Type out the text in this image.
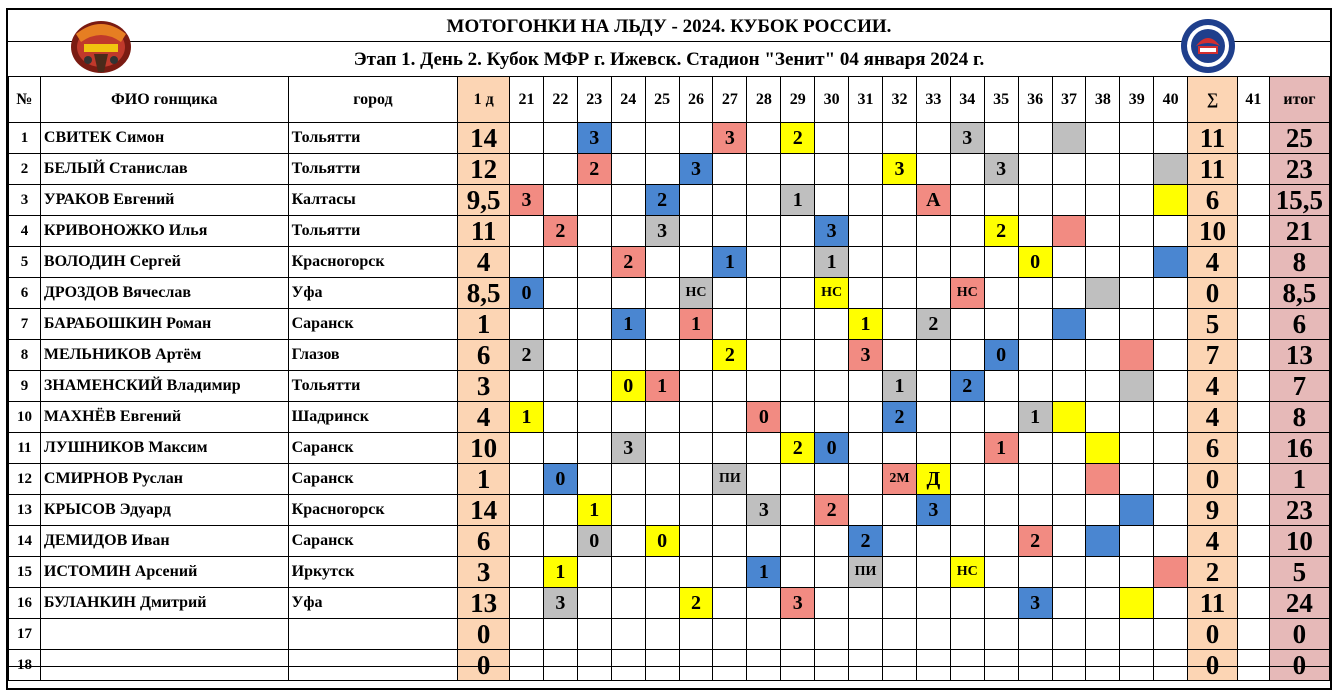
МОТОГОНКИ НА ЛЬДУ - 2024. КУБОК РОССИИ.
Этап 1. День 2. Кубок МФР г. Ижевск. Стадион "Зенит" 04 января 2024 г.
№	ФИО гонщика	город	1 д	21	22	23	24	25	26	27	28	29	30	31	32	33	34	35	36	37	38	39	40	∑	41	итог
1	СВИТЕК Симон	Тольятти	14			3				3		2					3							11		25
2	БЕЛЫЙ Станислав	Тольятти	12			2			3						3			3						11		23
3	УРАКОВ Евгений	Калтасы	9,5	3				2				1				А								6		15,5
4	КРИВОНОЖКО Илья	Тольятти	11		2			3					3					2						10		21
5	ВОЛОДИН Сергей	Красногорск	4				2			1			1						0					4		8
6	ДРОЗДОВ Вячеслав	Уфа	8,5	0					НС				НС				НС							0		8,5
7	БАРАБОШКИН Роман	Саранск	1				1		1					1		2								5		6
8	МЕЛЬНИКОВ Артём	Глазов	6	2						2				3				0						7		13
9	ЗНАМЕНСКИЙ Владимир	Тольятти	3				0	1							1		2							4		7
10	МАХНЁВ Евгений	Шадринск	4	1							0				2				1					4		8
11	ЛУШНИКОВ Максим	Саранск	10				3					2	0					1						6		16
12	СМИРНОВ Руслан	Саранск	1		0					ПИ					2М	Д								0		1
13	КРЫСОВ Эдуард	Красногорск	14			1					3		2			3								9		23
14	ДЕМИДОВ Иван	Саранск	6			0		0						2					2					4		10
15	ИСТОМИН Арсений	Иркутск	3		1						1			ПИ			НС							2		5
16	БУЛАНКИН Дмитрий	Уфа	13		3				2			3							3					11		24
17			0																					0		0
18			0																					0		0
